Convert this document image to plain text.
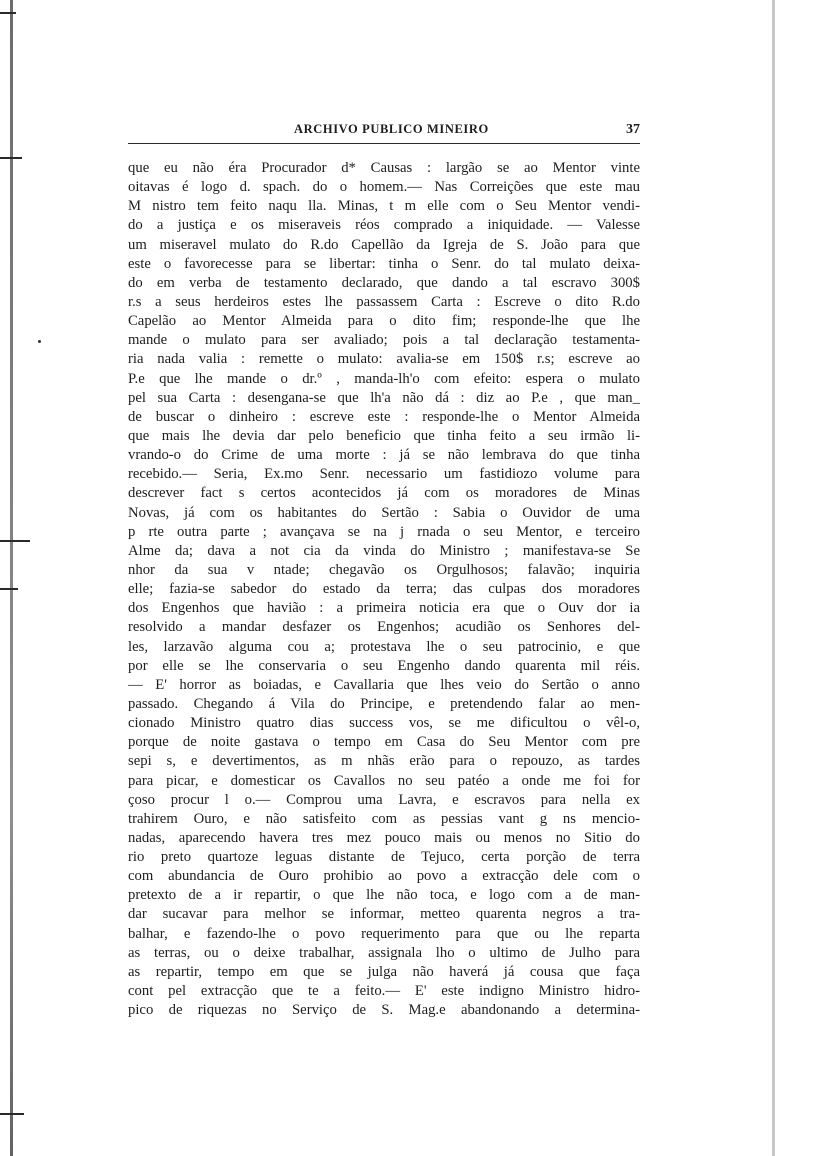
ARCHIVO PUBLICO MINEIRO	37
que eu não éra Procurador d* Causas : largão se ao Mentor vinte
oitavas é logo d. spach. do o homem.— Nas Correições que este mau
M nistro tem feito naqu lla. Minas, t m elle com o Seu Mentor vendi-
do a justiça e os miseraveis réos comprado a iniquidade. — Valesse
um miseravel mulato do R.do Capellão da Igreja de S. João para que
este o favorecesse para se libertar: tinha o Senr. do tal mulato deixa-
do em verba de testamento declarado, que dando a tal escravo 300$
r.s a seus herdeiros estes lhe passassem Carta : Escreve o dito R.do
Capelão ao Mentor Almeida para o dito fim; responde-lhe que lhe
mande o mulato para ser avaliado; pois a tal declaração testamenta-
ria nada valia : remette o mulato: avalia-se em 150$ r.s; escreve ao
P.e que lhe mande o dr.º , manda-lh'o com efeito: espera o mulato
pel sua Carta : desengana-se que lh'a não dá : diz ao P.e , que man_
de buscar o dinheiro : escreve este : responde-lhe o Mentor Almeida
que mais lhe devia dar pelo beneficio que tinha feito a seu irmão li-
vrando-o do Crime de uma morte : já se não lembrava do que tinha
recebido.— Seria, Ex.mo Senr. necessario um fastidiozo volume para
descrever fact s certos acontecidos já com os moradores de Minas
Novas, já com os habitantes do Sertão : Sabia o Ouvidor de uma
p rte outra parte ; avançava se na j rnada o seu Mentor, e terceiro
Alme da; dava a not cia da vinda do Ministro ; manifestava-se Se
nhor da sua v ntade; chegavão os Orgulhosos; falavão; inquiria
elle; fazia-se sabedor do estado da terra; das culpas dos moradores
dos Engenhos que havião : a primeira noticia era que o Ouv dor ia
resolvido a mandar desfazer os Engenhos; acudião os Senhores del-
les, larzavão alguma cou a; protestava lhe o seu patrocinio, e que
por elle se lhe conservaria o seu Engenho dando quarenta mil réis.
— E' horror as boiadas, e Cavallaria que lhes veio do Sertão o anno
passado. Chegando á Vila do Principe, e pretendendo falar ao men-
cionado Ministro quatro dias success vos, se me dificultou o vêl-o,
porque de noite gastava o tempo em Casa do Seu Mentor com pre
sepi s, e devertimentos, as m nhãs erão para o repouzo, as tardes
para picar, e domesticar os Cavallos no seu patéo a onde me foi for
çoso procur l o.— Comprou uma Lavra, e escravos para nella ex
trahirem Ouro, e não satisfeito com as pessias vant g ns mencio-
nadas, aparecendo havera tres mez pouco mais ou menos no Sitio do
rio preto quartoze leguas distante de Tejuco, certa porção de terra
com abundancia de Ouro prohibio ao povo a extracção dele com o
pretexto de a ir repartir, o que lhe não toca, e logo com a de man-
dar sucavar para melhor se informar, metteo quarenta negros a tra-
balhar, e fazendo-lhe o povo requerimento para que ou lhe reparta
as terras, ou o deixe trabalhar, assignala lho o ultimo de Julho para
as repartir, tempo em que se julga não haverá já cousa que faça
cont pel extracção que te a feito.— E' este indigno Ministro hidro-
pico de riquezas no Serviço de S. Mag.e abandonando a determina-
